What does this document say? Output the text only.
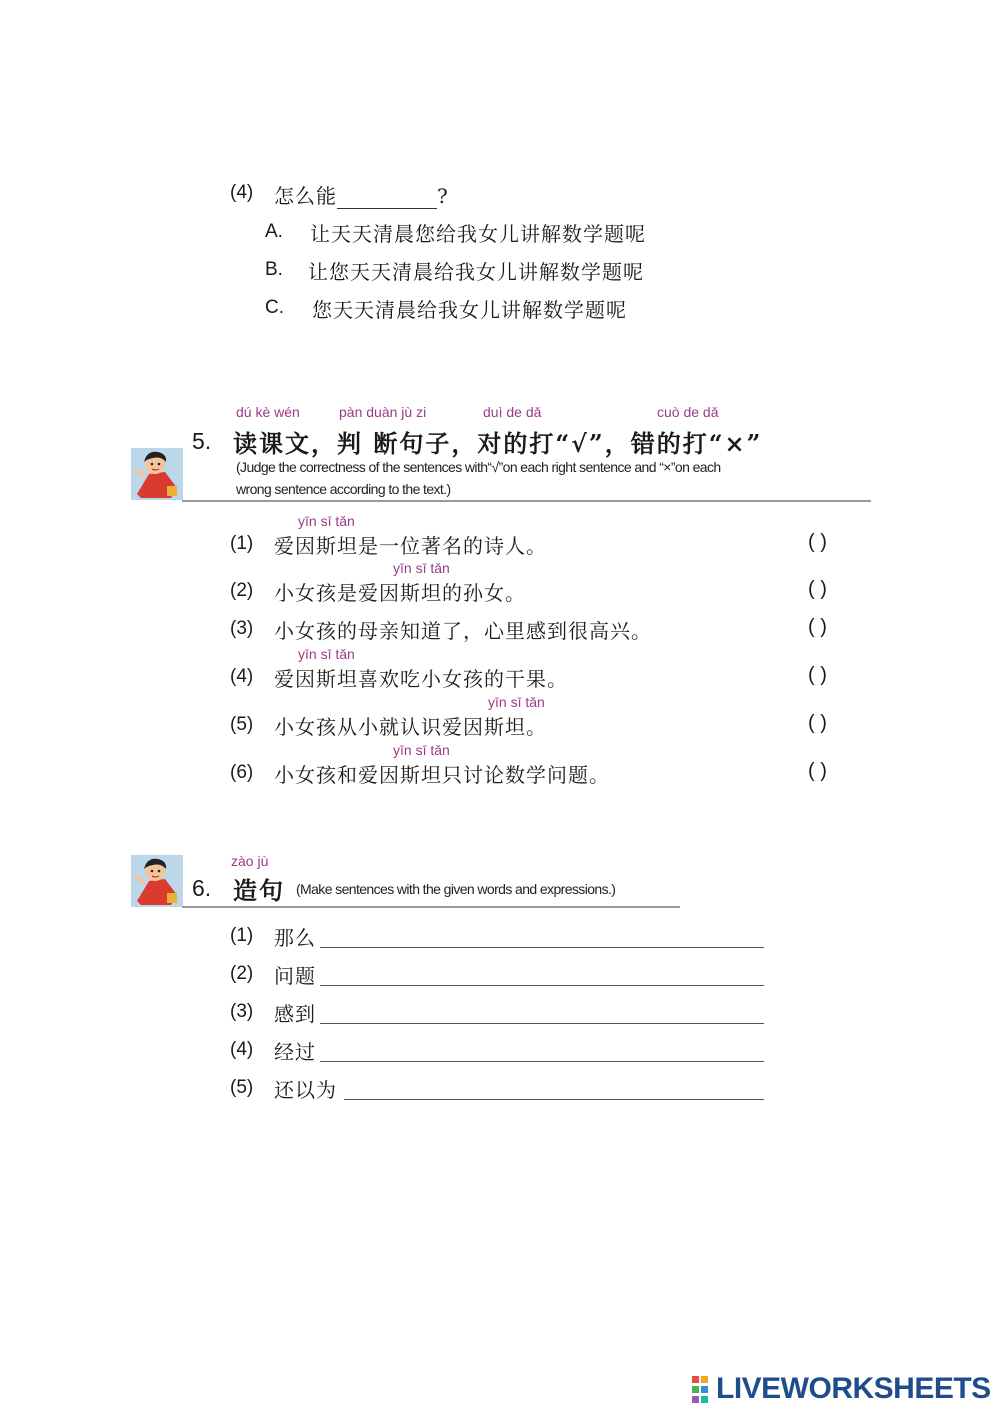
(4) 怎么能	?
A. 让天天清晨您给我女儿讲解数学题呢
B. 让您天天清晨给我女儿讲解数学题呢
C. 您天天清晨给我女儿讲解数学题呢
dú kè wén	pàn duàn jù zi	duì de dǎ	cuò de dǎ
5. 读课文，判 断句子，对的打“√”，错的打“×”
(Judge the correctness of the sentences with“√”on each right sentence and “×”on each
wrong sentence according to the text.)
yīn sī tǎn
(1) 爱因斯坦是一位著名的诗人。	( )
yīn sī tǎn
(2) 小女孩是爱因斯坦的孙女。	( )
(3) 小女孩的母亲知道了，心里感到很高兴。	( )
yīn sī tǎn
(4) 爱因斯坦喜欢吃小女孩的干果。	( )
yīn sī tǎn
(5) 小女孩从小就认识爱因斯坦。	( )
yīn sī tǎn
(6) 小女孩和爱因斯坦只讨论数学问题。	( )
zào jù
6. 造句 (Make sentences with the given words and expressions.)
(1) 那么
(2) 问题
(3) 感到
(4) 经过
(5) 还以为
LIVEWORKSHEETS
